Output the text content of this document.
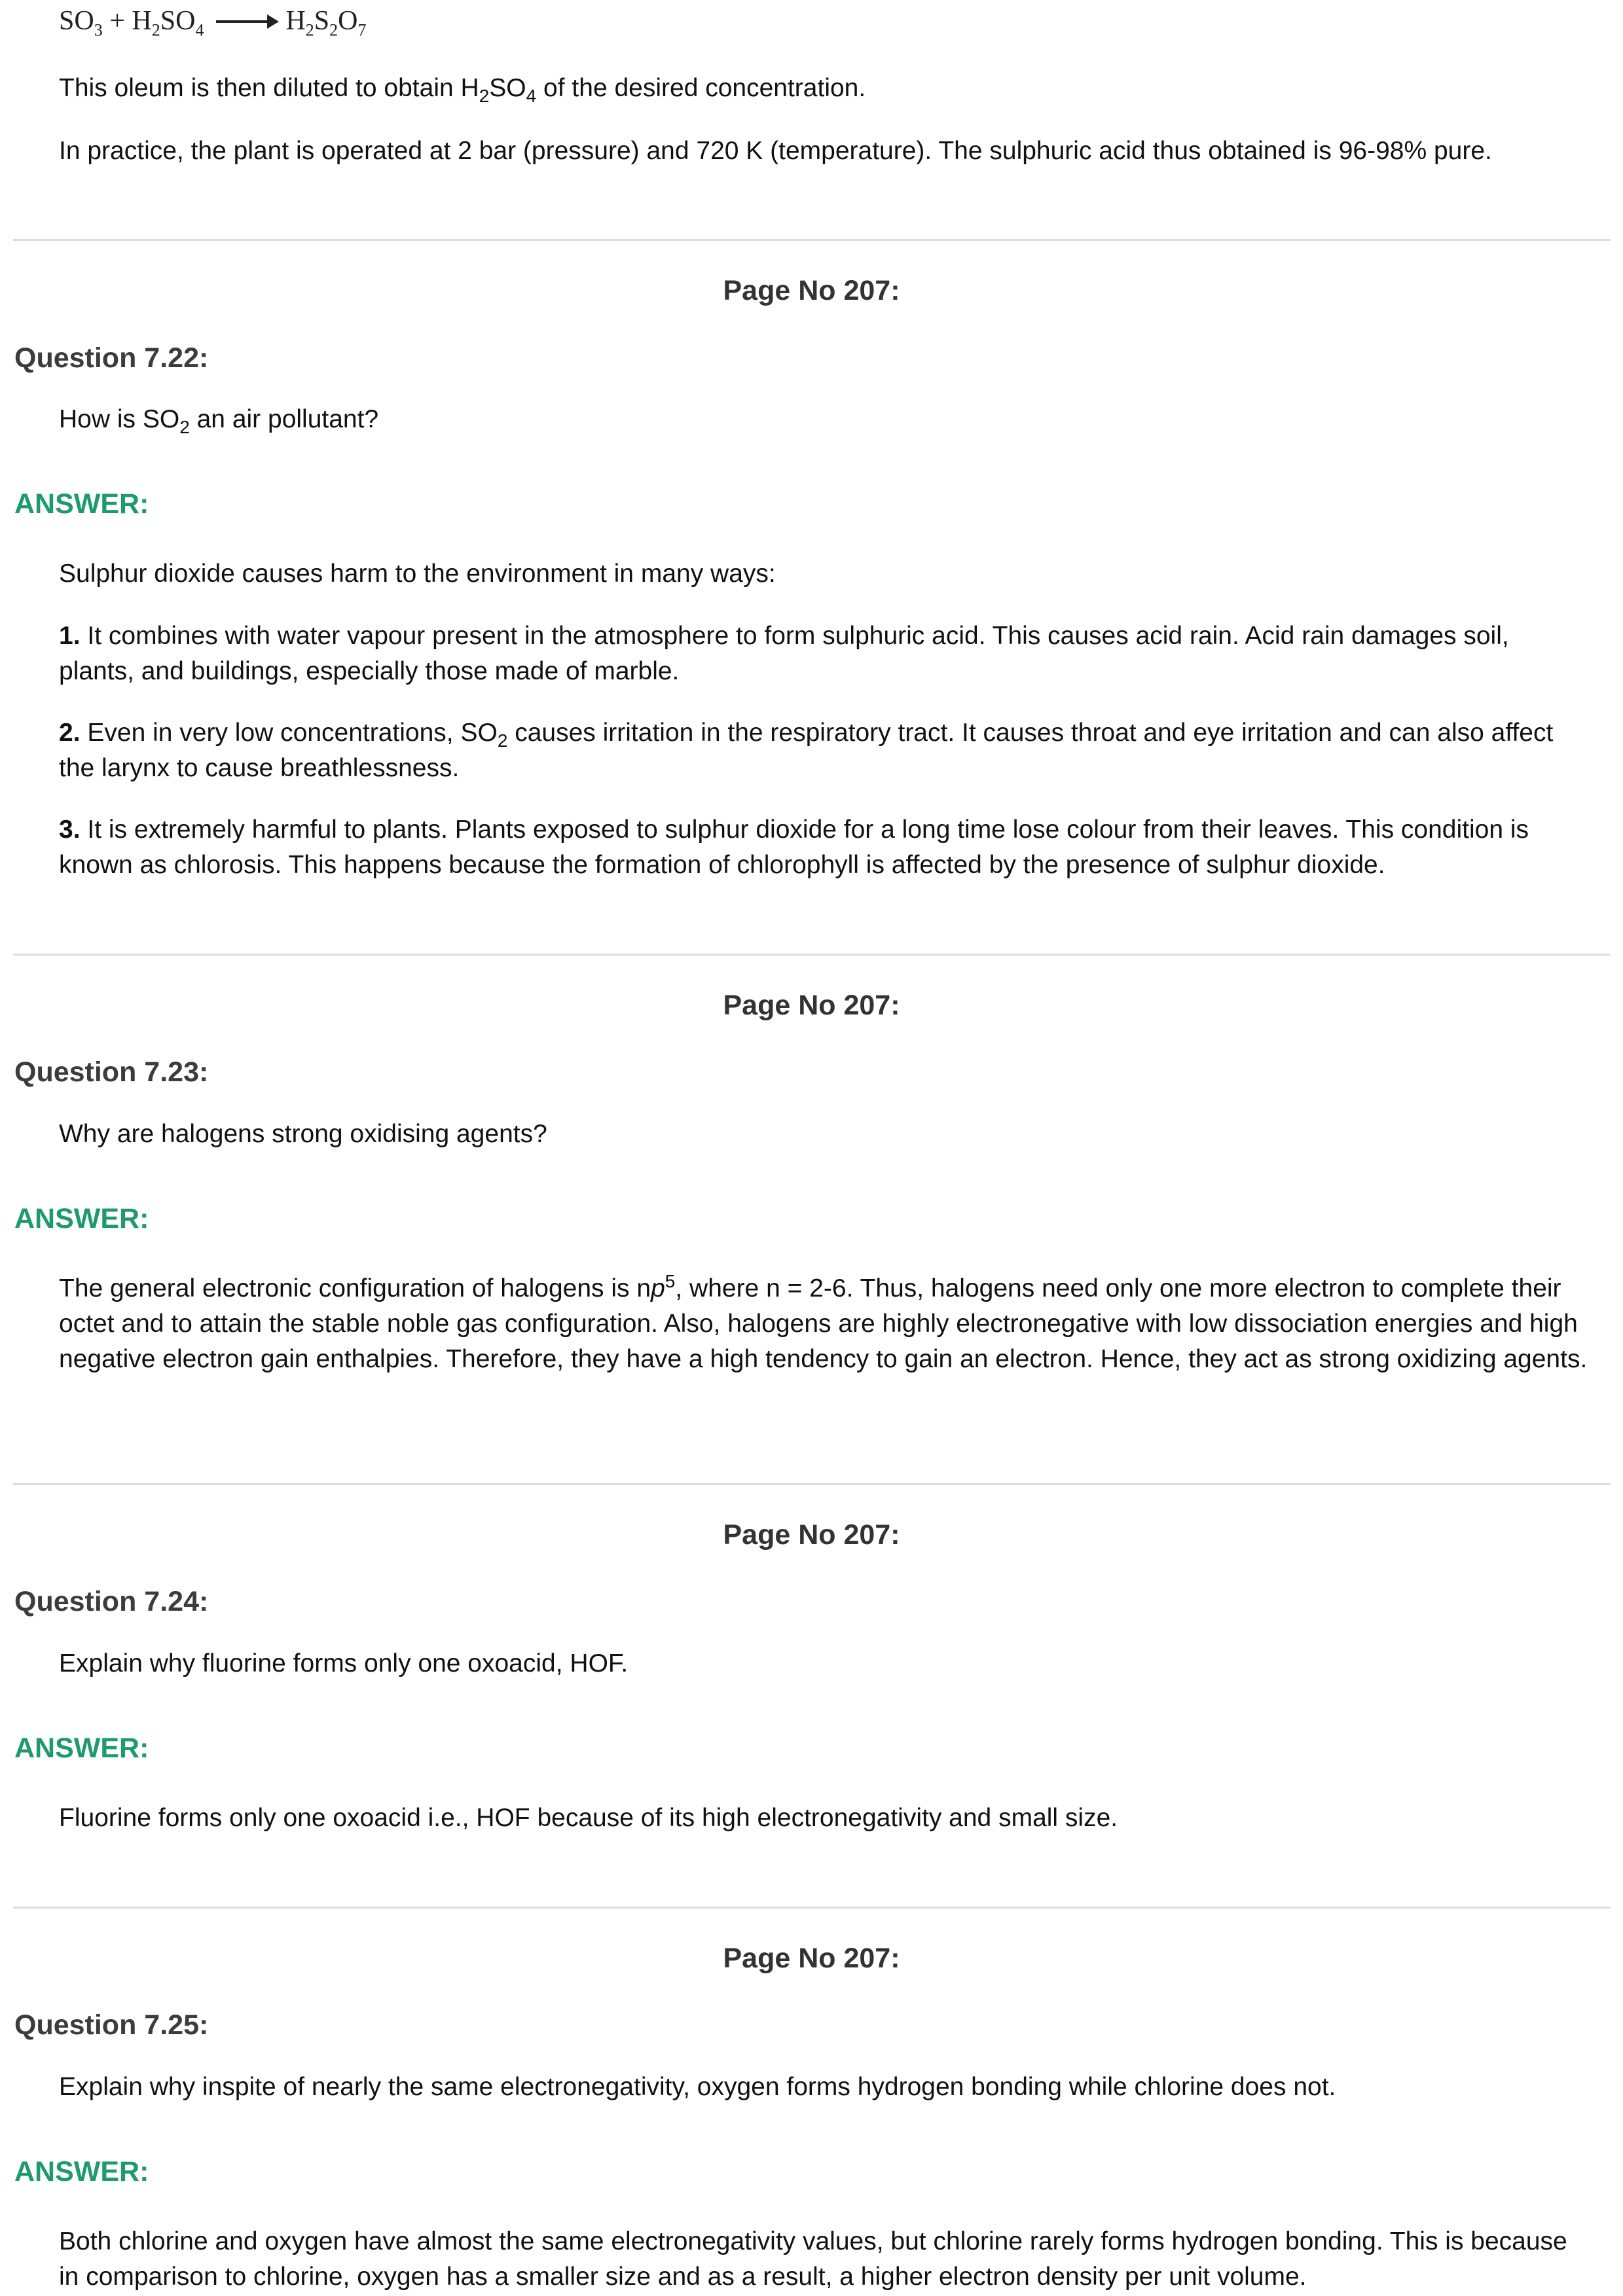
$SO_3 + H_2SO_4 \to H_2S_2O_7$
This oleum is then diluted to obtain $H_2SO_4$ of the desired concentration.
In practice, the plant is operated at 2 bar (pressure) and 720 K (temperature). The sulphuric acid thus obtained is 96-98% pure.
Page No 207:
Question 7.22:
How is $SO_2$ an air pollutant?
ANSWER:
Sulphur dioxide causes harm to the environment in many ways:
1. It combines with water vapour present in the atmosphere to form sulphuric acid. This causes acid rain. Acid rain damages soil, plants, and buildings, especially those made of marble.
2. Even in very low concentrations, $SO_2$ causes irritation in the respiratory tract. It causes throat and eye irritation and can also affect the larynx to cause breathlessness.
3. It is extremely harmful to plants. Plants exposed to sulphur dioxide for a long time lose colour from their leaves. This condition is known as chlorosis. This happens because the formation of chlorophyll is affected by the presence of sulphur dioxide.
Page No 207:
Question 7.23:
Why are halogens strong oxidising agents?
ANSWER:
The general electronic configuration of halogens is $np^5$, where n = 2-6. Thus, halogens need only one more electron to complete their octet and to attain the stable noble gas configuration. Also, halogens are highly electronegative with low dissociation energies and high negative electron gain enthalpies. Therefore, they have a high tendency to gain an electron. Hence, they act as strong oxidizing agents.
Page No 207:
Question 7.24:
Explain why fluorine forms only one oxoacid, HOF.
ANSWER:
Fluorine forms only one oxoacid i.e., HOF because of its high electronegativity and small size.
Page No 207:
Question 7.25:
Explain why inspite of nearly the same electronegativity, oxygen forms hydrogen bonding while chlorine does not.
ANSWER:
Both chlorine and oxygen have almost the same electronegativity values, but chlorine rarely forms hydrogen bonding. This is because in comparison to chlorine, oxygen has a smaller size and as a result, a higher electron density per unit volume.
